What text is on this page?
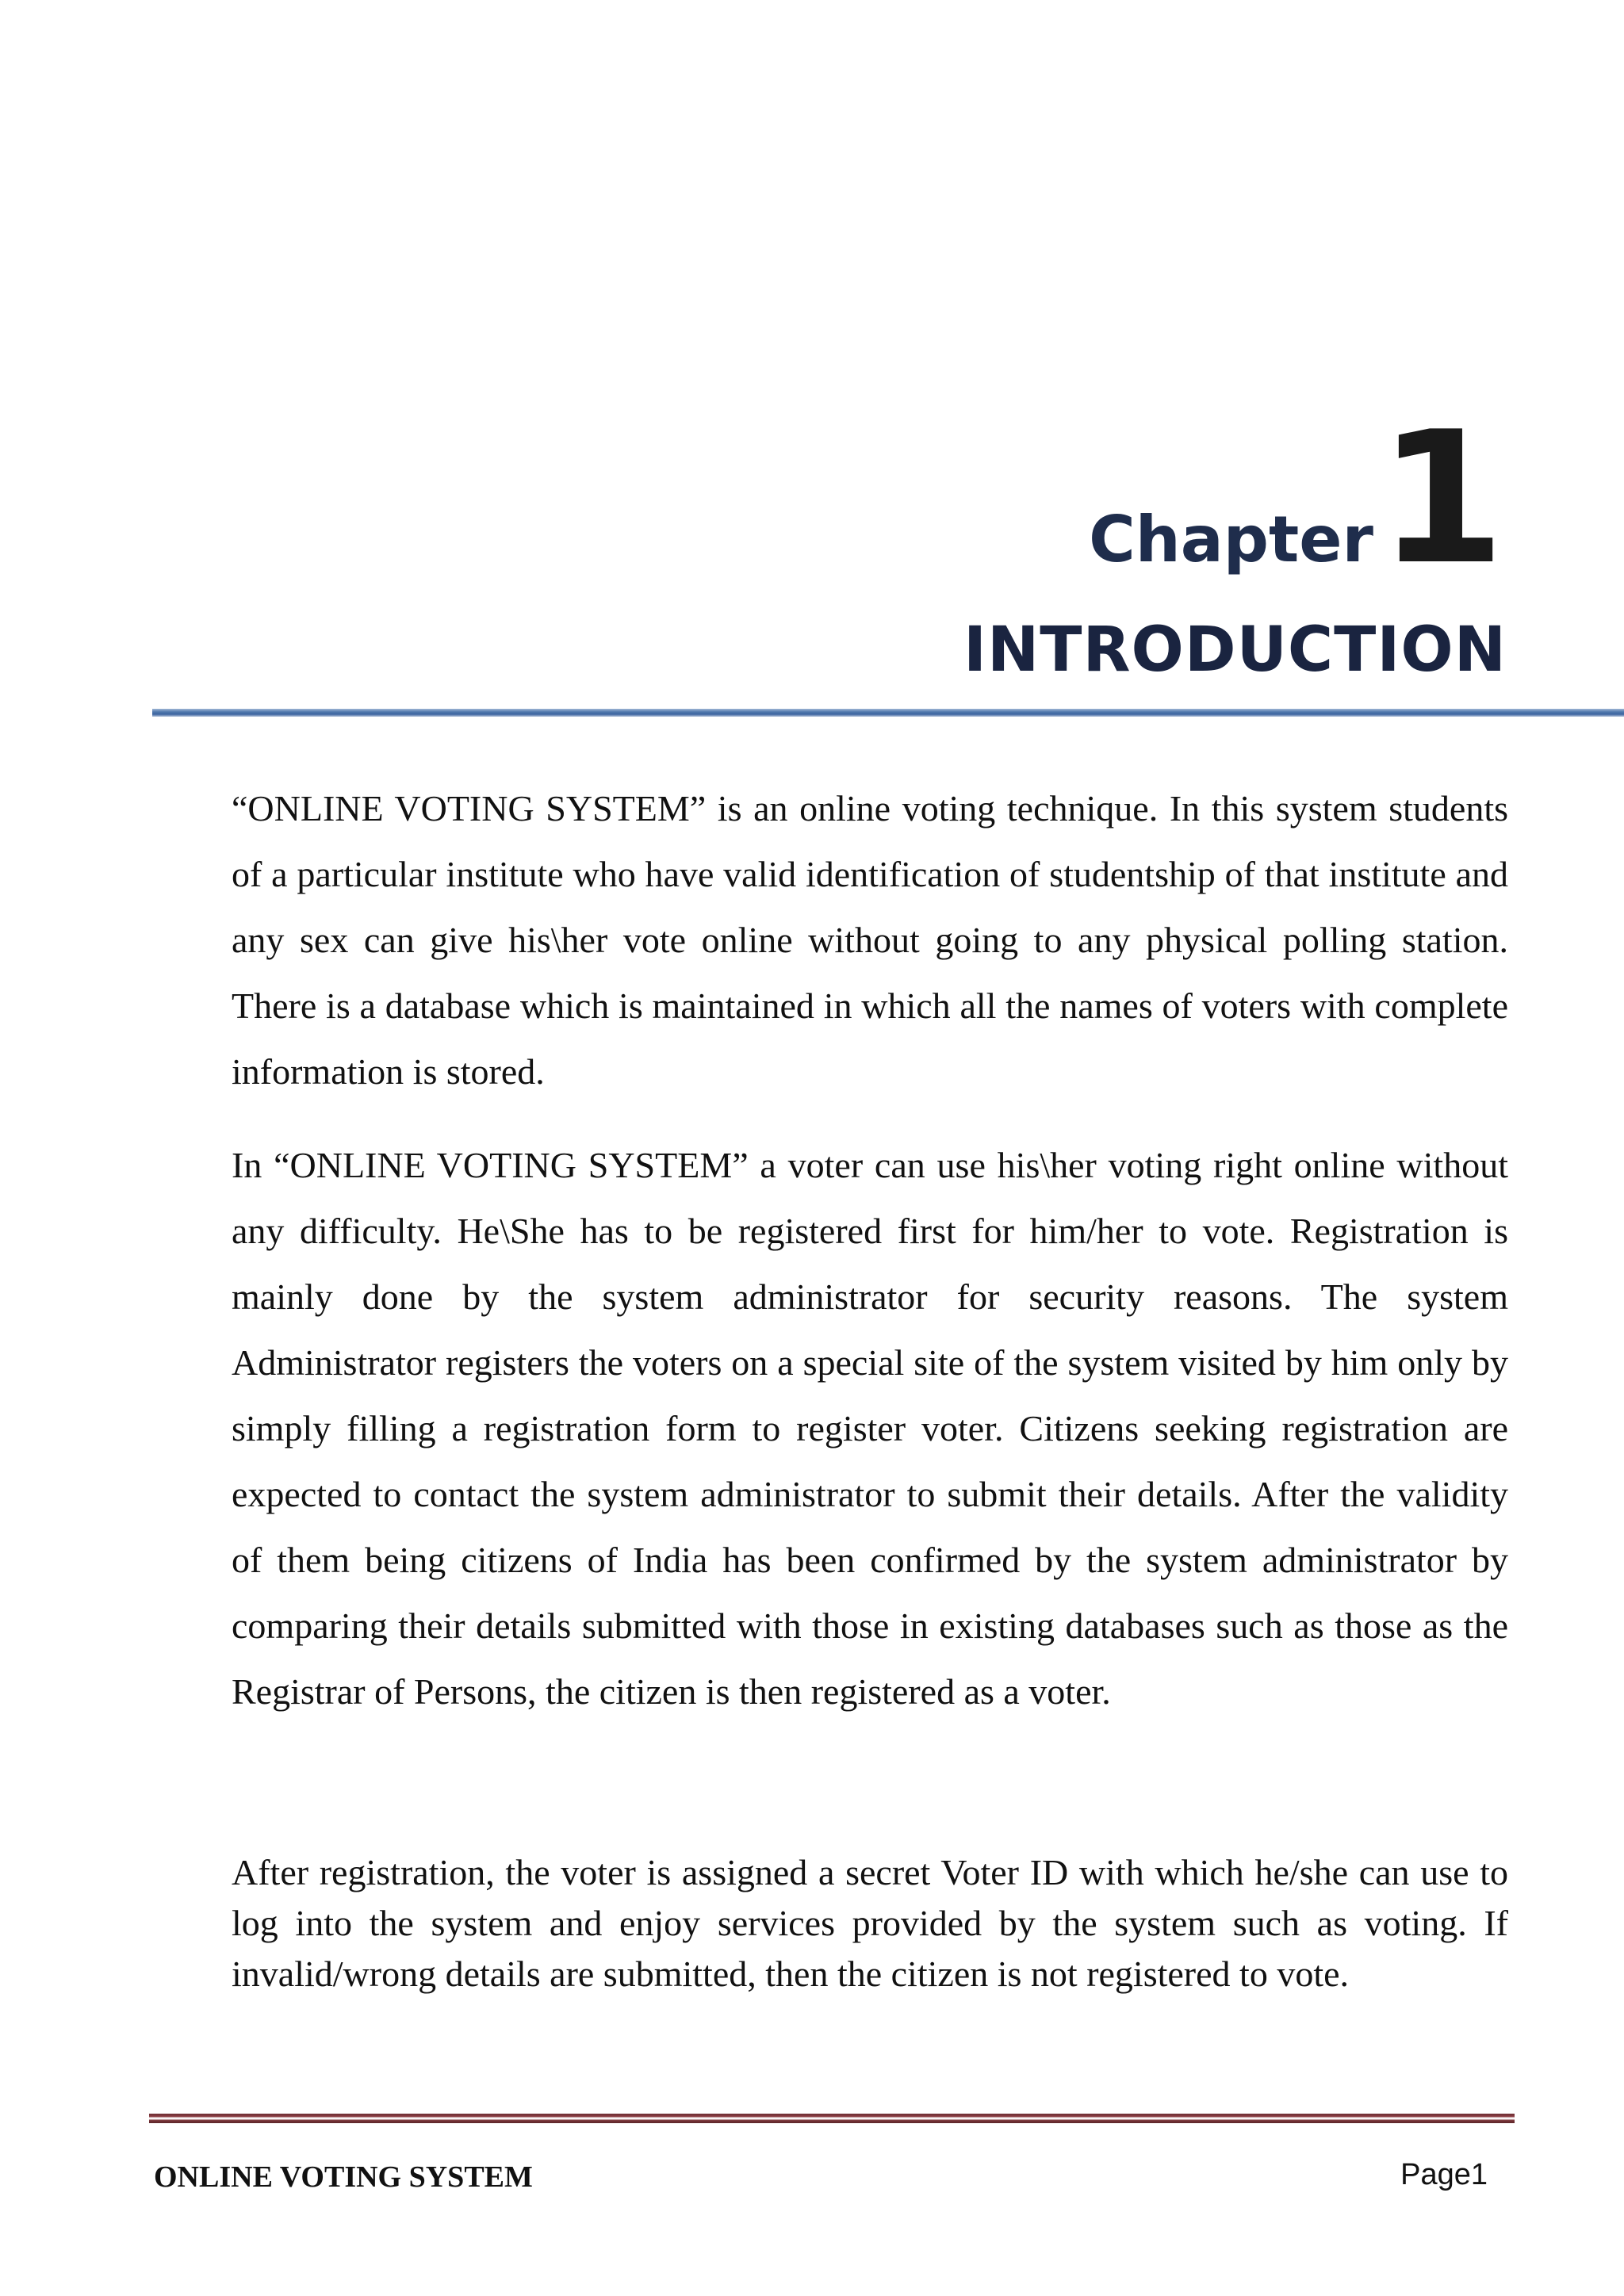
Chapter1
INTRODUCTION

“ONLINE VOTING SYSTEM” is an online voting technique. In this system students of a particular institute who have valid identification of studentship of that institute and any sex can give his\her vote online without going to any physical polling station. There is a database which is maintained in which all the names of voters with complete information is stored.

In “ONLINE VOTING SYSTEM” a voter can use his\her voting right online without any difficulty. He\She has to be registered first for him/her to vote. Registration is mainly done by the system administrator for security reasons. The system Administrator registers the voters on a special site of the system visited by him only by simply filling a registration form to register voter. Citizens seeking registration are expected to contact the system administrator to submit their details. After the validity of them being citizens of India has been confirmed by the system administrator by comparing their details submitted with those in existing databases such as those as the Registrar of Persons, the citizen is then registered as a voter.

After registration, the voter is assigned a secret Voter ID with which he/she can use to log into the system and enjoy services provided by the system such as voting. If invalid/wrong details are submitted, then the citizen is not registered to vote.

ONLINE VOTING SYSTEM	Page1
